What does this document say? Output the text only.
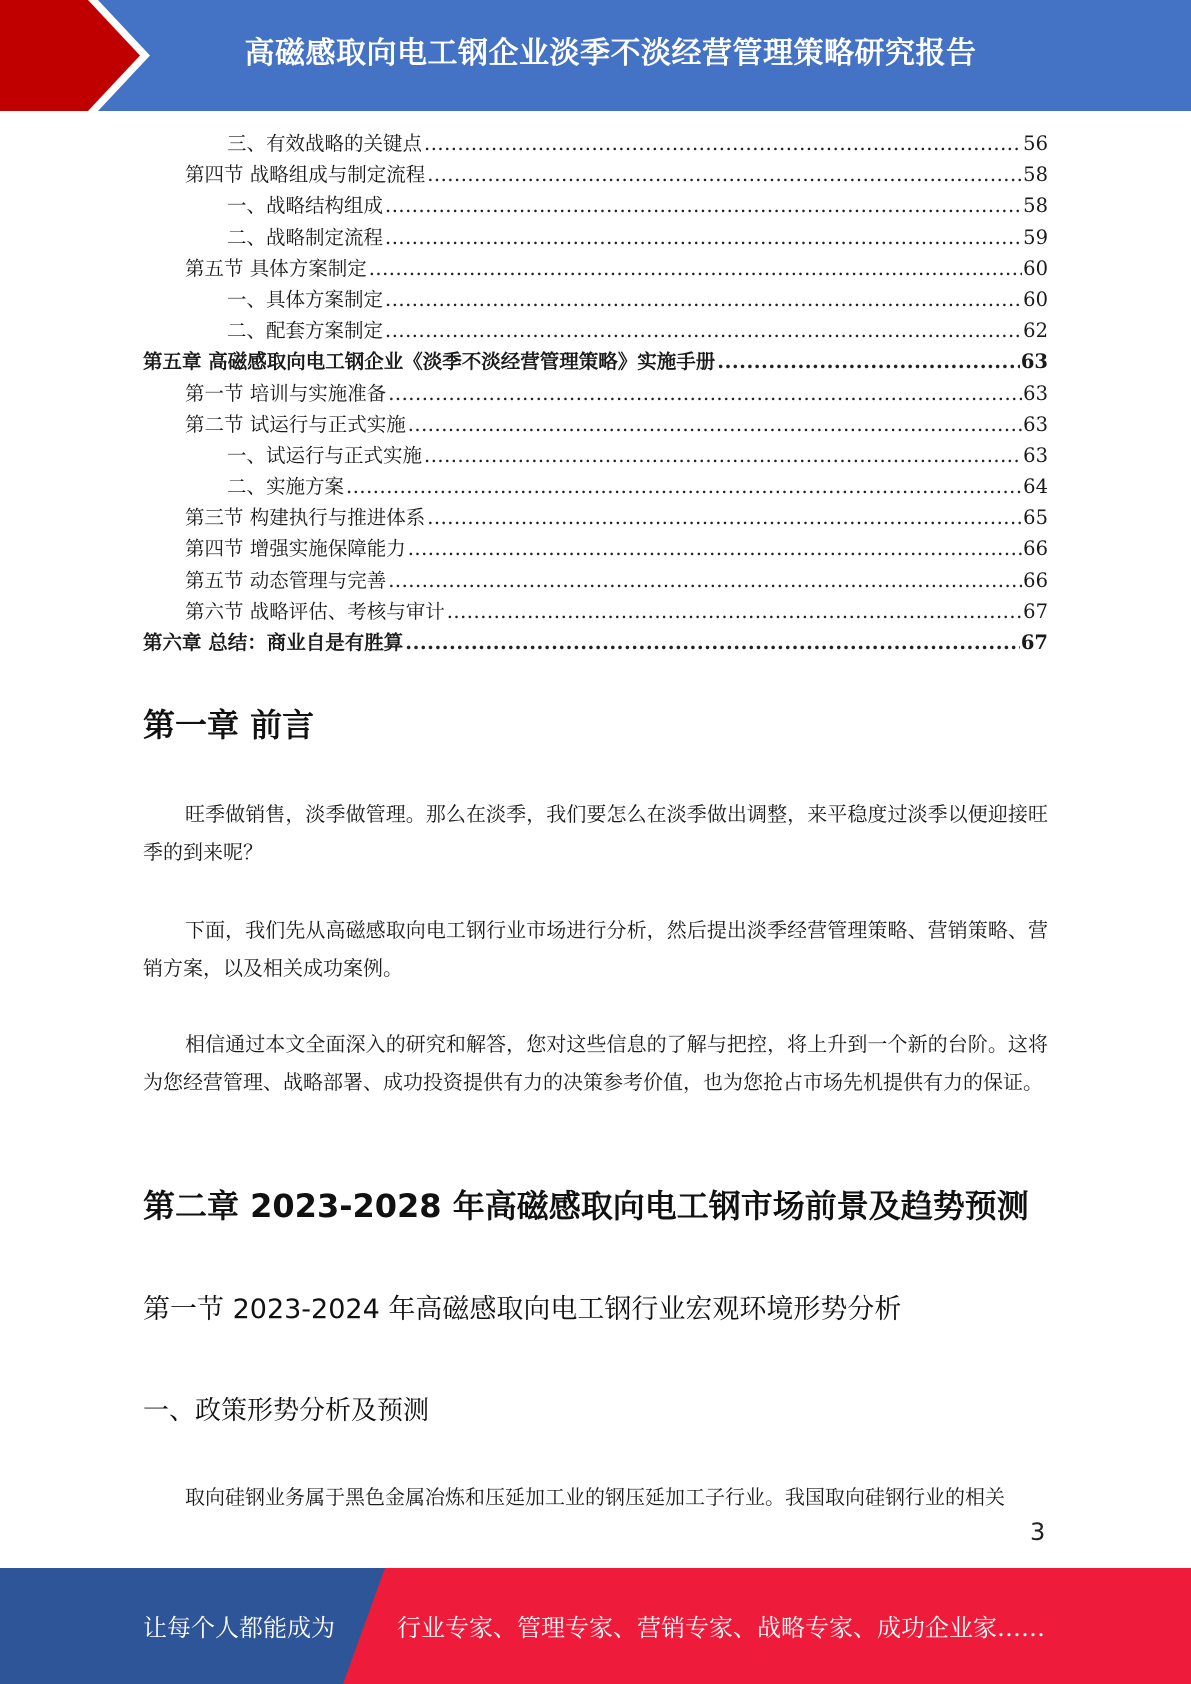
高磁感取向电工钢企业淡季不淡经营管理策略研究报告
三、有效战略的关键点 .....	56
第四节 战略组成与制定流程 .....	58
一、战略结构组成 .....	58
二、战略制定流程 .....	59
第五节 具体方案制定 .....	60
一、具体方案制定 .....	60
二、配套方案制定 .....	62
第五章 高磁感取向电工钢企业《淡季不淡经营管理策略》实施手册 .....	63
第一节 培训与实施准备 .....	63
第二节 试运行与正式实施 .....	63
一、试运行与正式实施 .....	63
二、实施方案 .....	64
第三节 构建执行与推进体系 .....	65
第四节 增强实施保障能力 .....	66
第五节 动态管理与完善 .....	66
第六节 战略评估、考核与审计 .....	67
第六章 总结：商业自是有胜算 .....	67
第一章 前言

旺季做销售，淡季做管理。那么在淡季，我们要怎么在淡季做出调整，来平稳度过淡季以便迎接旺季的到来呢？

下面，我们先从高磁感取向电工钢行业市场进行分析，然后提出淡季经营管理策略、营销策略、营销方案，以及相关成功案例。

相信通过本文全面深入的研究和解答，您对这些信息的了解与把控，将上升到一个新的台阶。这将为您经营管理、战略部署、成功投资提供有力的决策参考价值，也为您抢占市场先机提供有力的保证。

第二章 2023-2028 年高磁感取向电工钢市场前景及趋势预测
第一节 2023-2024 年高磁感取向电工钢行业宏观环境形势分析
一、政策形势分析及预测

取向硅钢业务属于黑色金属冶炼和压延加工业的钢压延加工子行业。我国取向硅钢行业的相关

3
让每个人都能成为	行业专家、管理专家、营销专家、战略专家、成功企业家……
